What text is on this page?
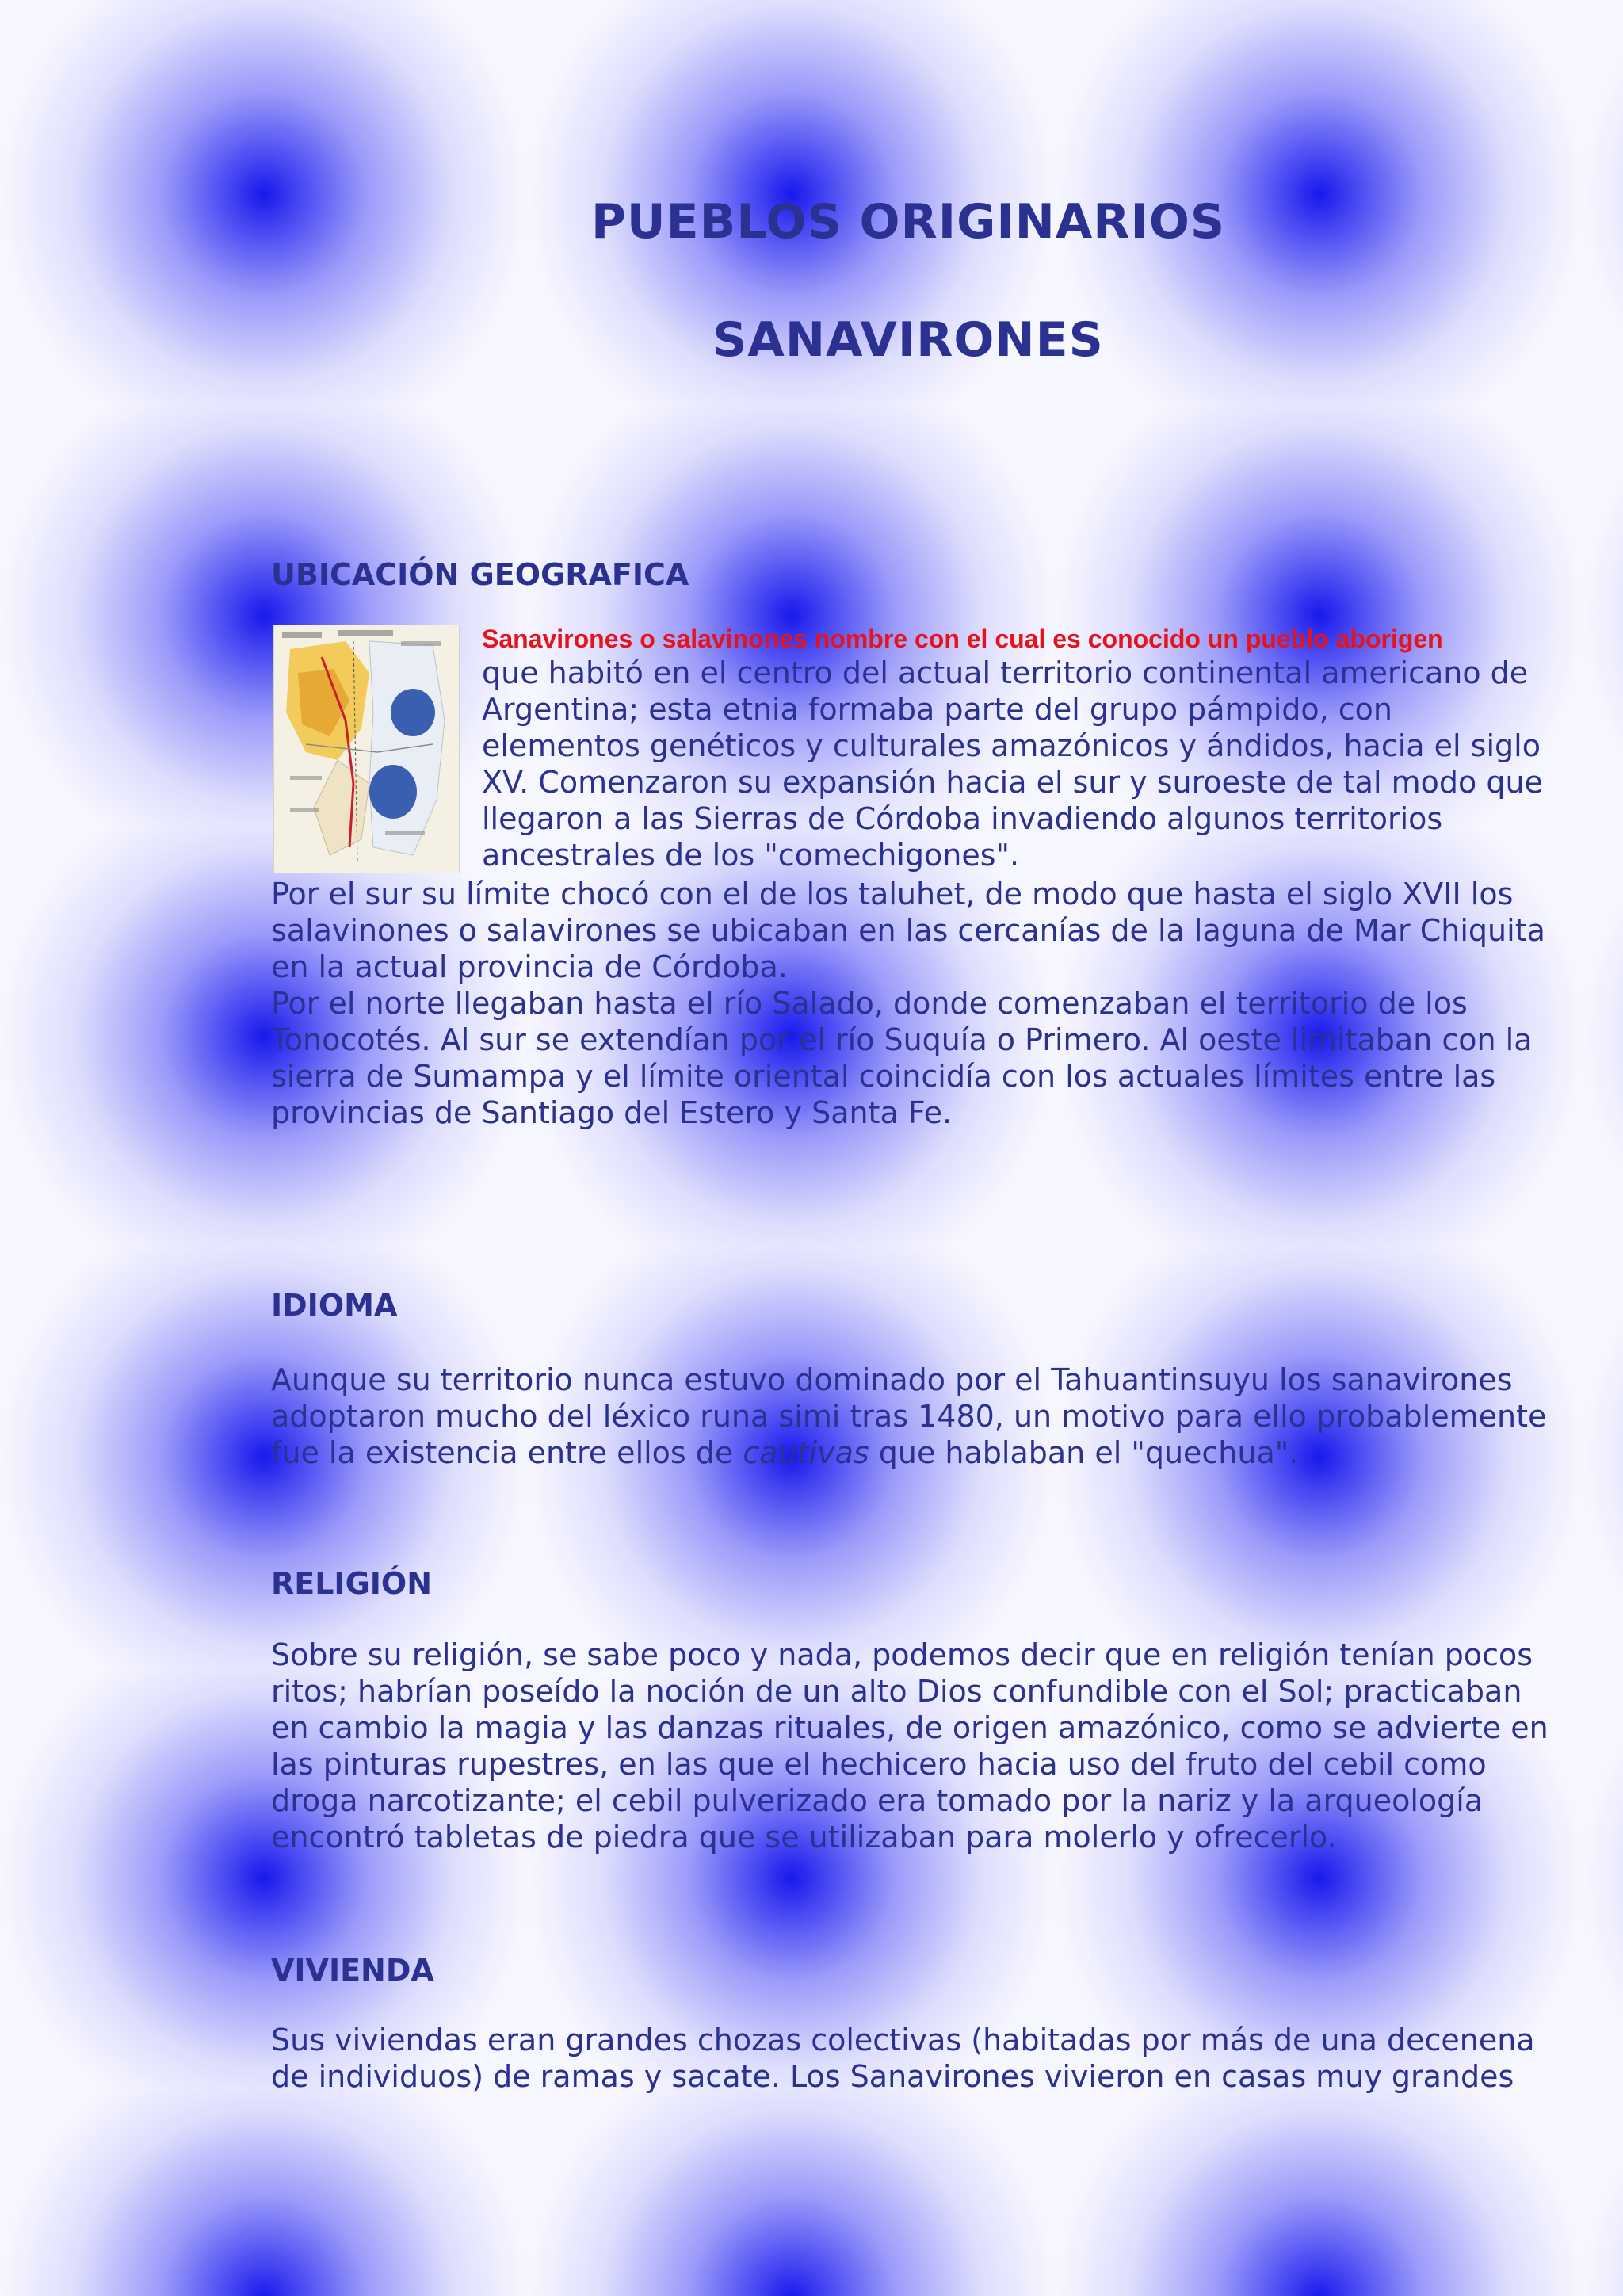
PUEBLOS ORIGINARIOS
SANAVIRONES
UBICACIÓN GEOGRAFICA

Sanavirones o salavinones nombre con el cual es conocido un pueblo aborigen

que habitó en el centro del actual territorio continental americano de Argentina; esta etnia formaba parte del grupo pámpido, con elementos genéticos y culturales amazónicos y ándidos, hacia el siglo XV. Comenzaron su expansión hacia el sur y suroeste de tal modo que llegaron a las Sierras de Córdoba invadiendo algunos territorios ancestrales de los "comechigones".

Por el sur su límite chocó con el de los taluhet, de modo que hasta el siglo XVII los salavinones o salavirones se ubicaban en las cercanías de la laguna de Mar Chiquita en la actual provincia de Córdoba.

Por el norte llegaban hasta el río Salado, donde comenzaban el territorio de los Tonocotés. Al sur se extendían por el río Suquía o Primero. Al oeste limitaban con la sierra de Sumampa y el límite oriental coincidía con los actuales límites entre las provincias de Santiago del Estero y Santa Fe.

IDIOMA

Aunque su territorio nunca estuvo dominado por el Tahuantinsuyu los sanavirones adoptaron mucho del léxico runa simi tras 1480, un motivo para ello probablemente fue la existencia entre ellos de cautivas que hablaban el "quechua".

RELIGIÓN

Sobre su religión, se sabe poco y nada, podemos decir que en religión tenían pocos ritos; habrían poseído la noción de un alto Dios confundible con el Sol; practicaban en cambio la magia y las danzas rituales, de origen amazónico, como se advierte en las pinturas rupestres, en las que el hechicero hacia uso del fruto del cebil como droga narcotizante; el cebil pulverizado era tomado por la nariz y la arqueología encontró tabletas de piedra que se utilizaban para molerlo y ofrecerlo.

VIVIENDA

Sus viviendas eran grandes chozas colectivas (habitadas por más de una decenena de individuos) de ramas y sacate. Los Sanavirones vivieron en casas muy grandes
